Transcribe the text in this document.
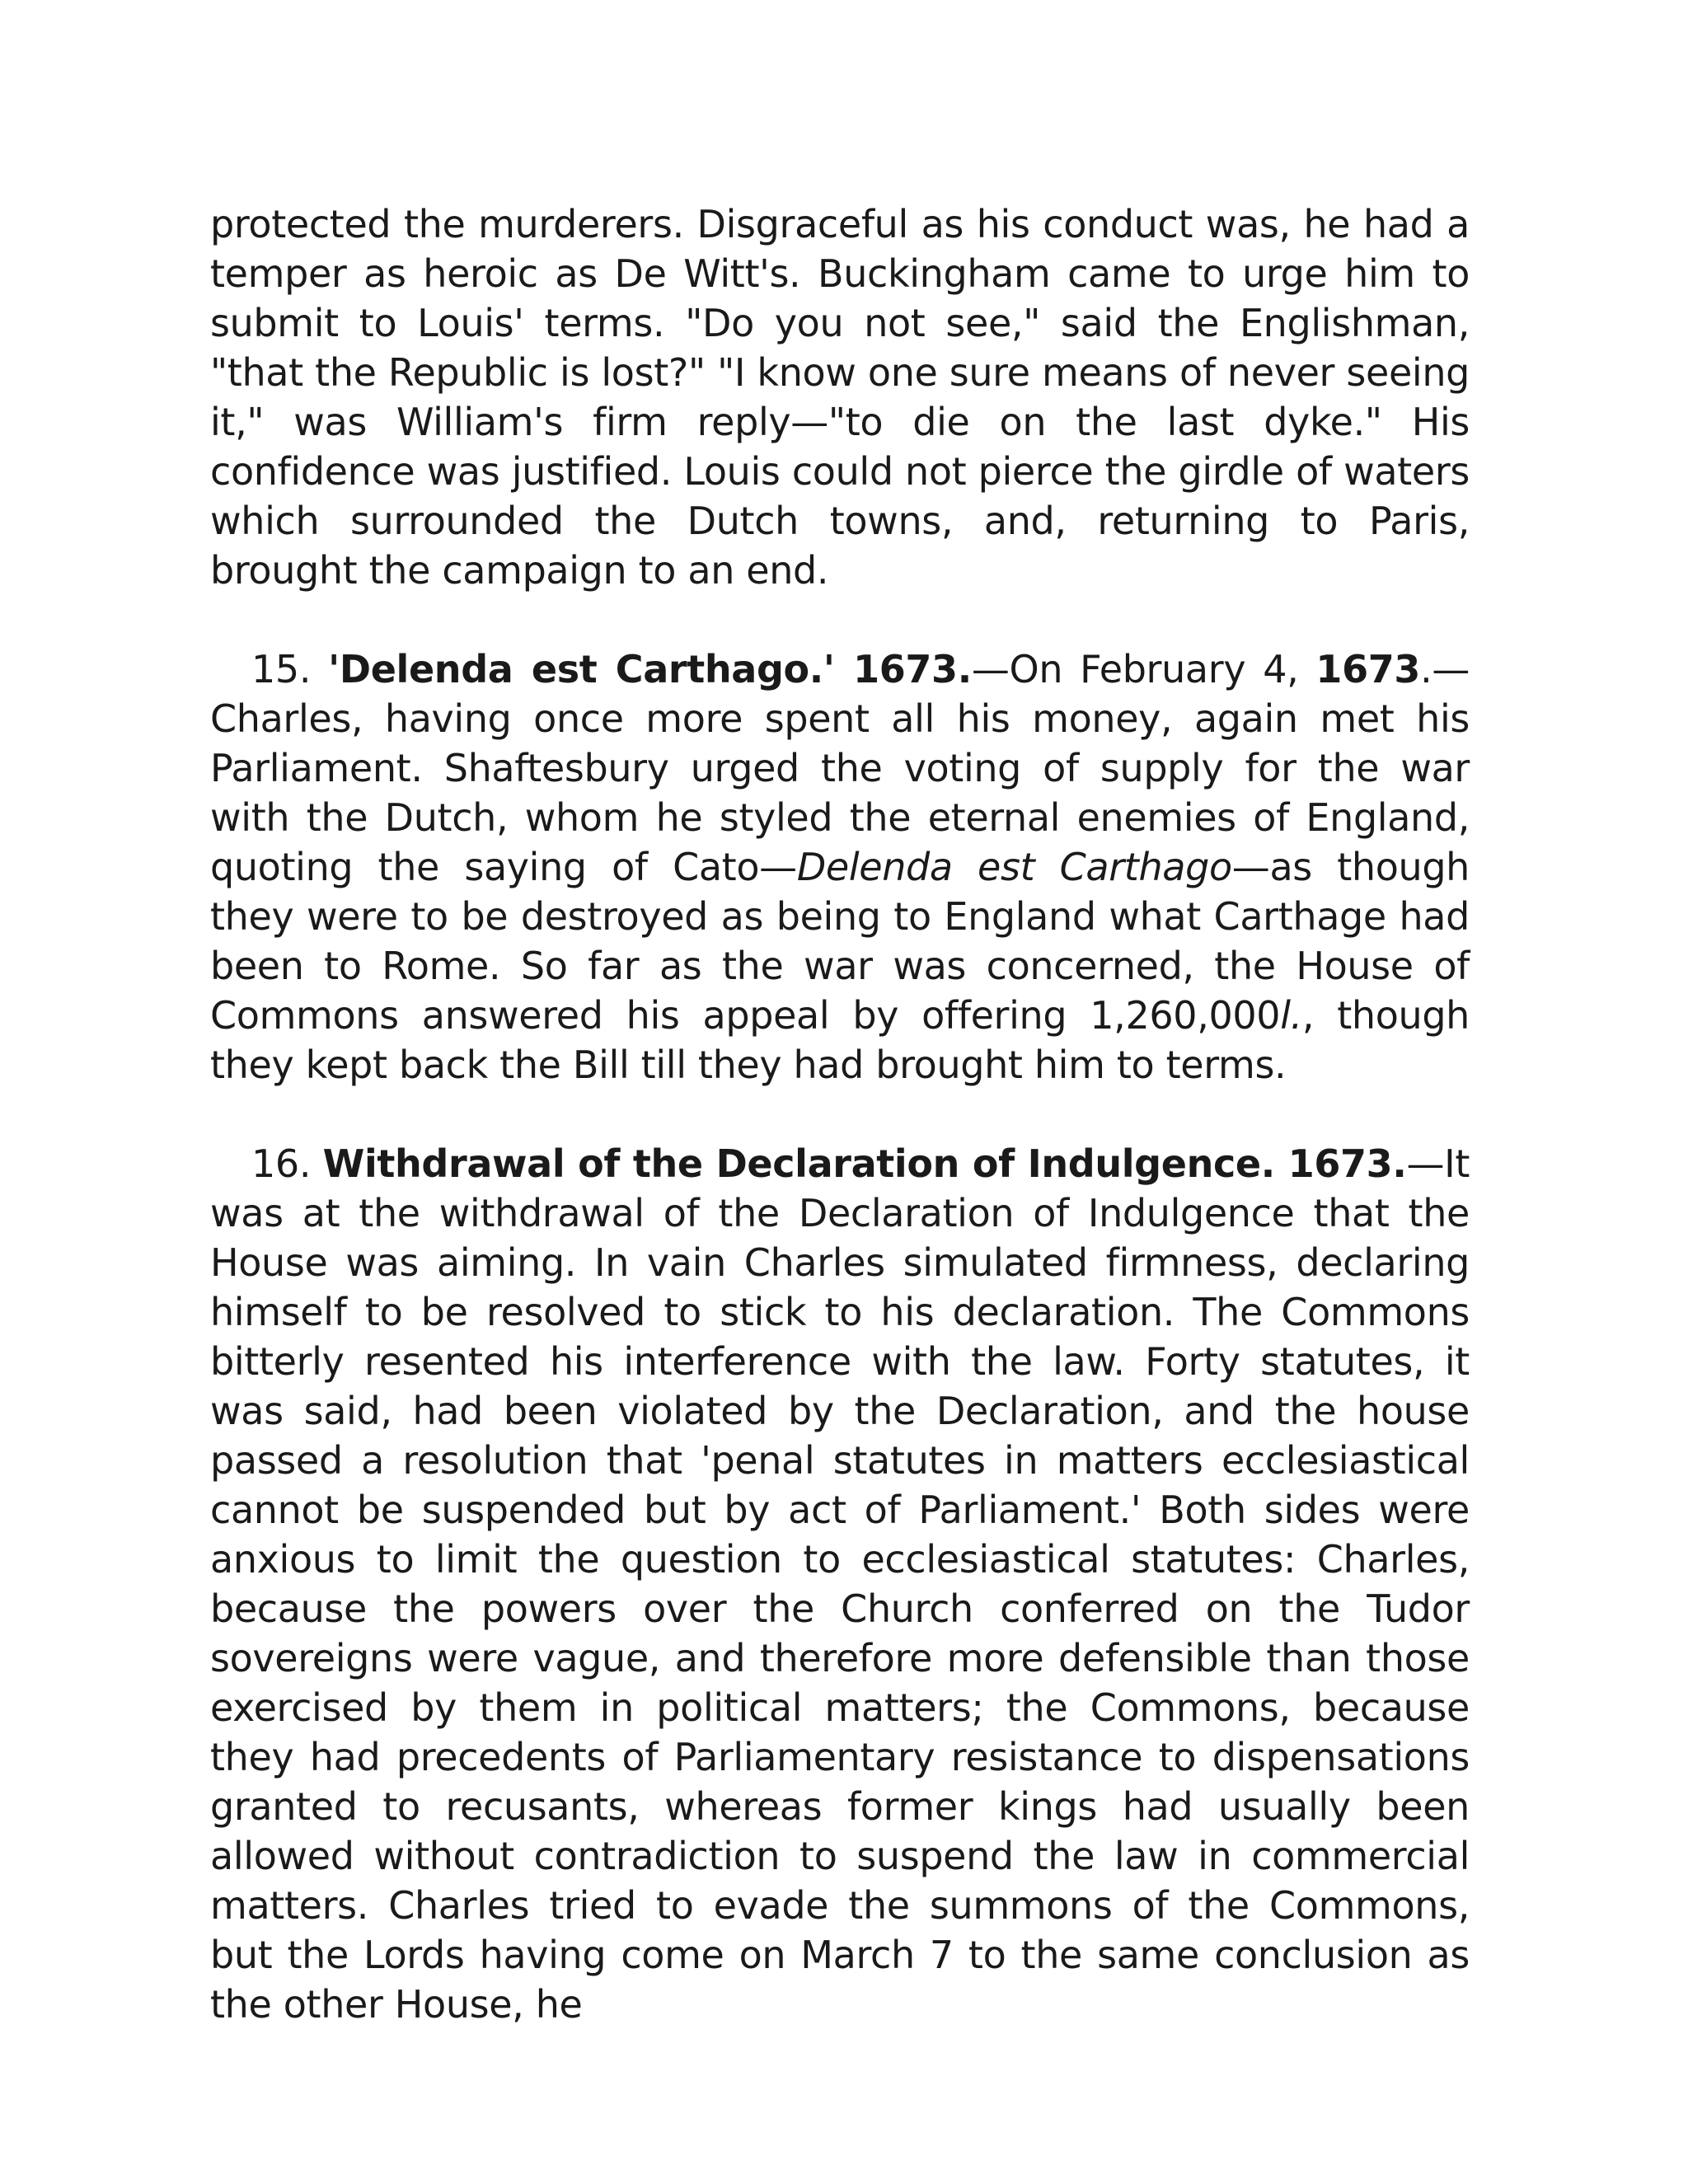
protected the murderers. Disgraceful as his conduct was, he had a temper as heroic as De Witt's. Buckingham came to urge him to submit to Louis' terms. "Do you not see," said the Englishman, "that the Republic is lost?" "I know one sure means of never seeing it," was William's firm reply—"to die on the last dyke." His confidence was justified. Louis could not pierce the girdle of waters which surrounded the Dutch towns, and, returning to Paris, brought the campaign to an end.

15. 'Delenda est Carthago.' 1673.—On February 4, 1673.—Charles, having once more spent all his money, again met his Parliament. Shaftesbury urged the voting of supply for the war with the Dutch, whom he styled the eternal enemies of England, quoting the saying of Cato—Delenda est Carthago—as though they were to be destroyed as being to England what Carthage had been to Rome. So far as the war was concerned, the House of Commons answered his appeal by offering 1,260,000l., though they kept back the Bill till they had brought him to terms.

16. Withdrawal of the Declaration of Indulgence. 1673.—It was at the withdrawal of the Declaration of Indulgence that the House was aiming. In vain Charles simulated firmness, declaring himself to be resolved to stick to his declaration. The Commons bitterly resented his interference with the law. Forty statutes, it was said, had been violated by the Declaration, and the house passed a resolution that 'penal statutes in matters ecclesiastical cannot be suspended but by act of Parliament.' Both sides were anxious to limit the question to ecclesiastical statutes: Charles, because the powers over the Church conferred on the Tudor sovereigns were vague, and therefore more defensible than those exercised by them in political matters; the Commons, because they had precedents of Parliamentary resistance to dispensations granted to recusants, whereas former kings had usually been allowed without contradiction to suspend the law in commercial matters. Charles tried to evade the summons of the Commons, but the Lords having come on March 7 to the same conclusion as the other House, he
